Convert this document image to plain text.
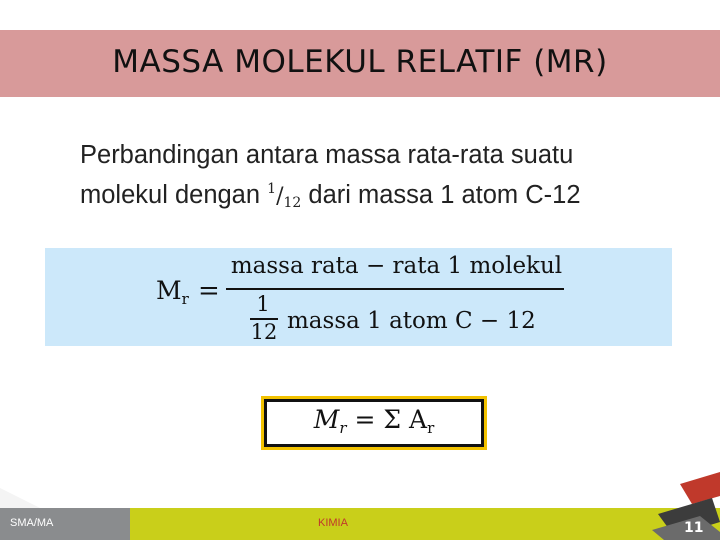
MASSA MOLEKUL RELATIF (MR)
Perbandingan antara massa rata-rata suatu
molekul dengan $^1/_{12}$ dari massa 1 atom C-12
$M_r$ =
massa rata − rata 1 molekul
1
12 massa 1 atom C − 12
$M_r = \Sigma$ $A_r$
SMA/MA	KIMIA	11
